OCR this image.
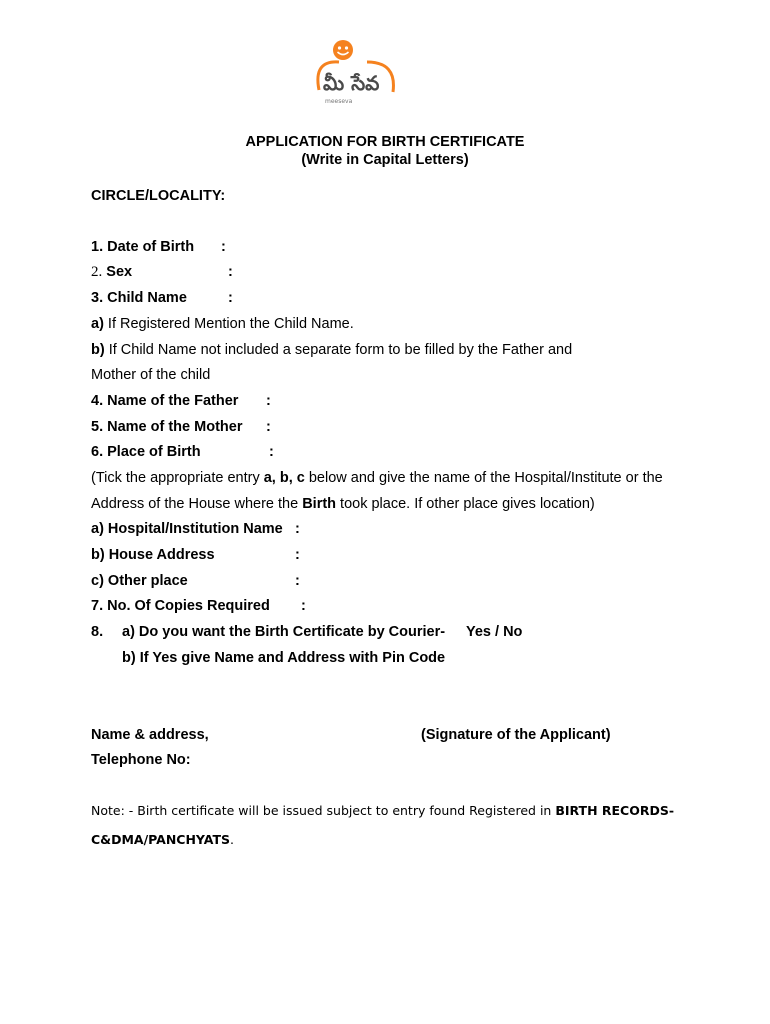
మీ సేవ
meeseva
APPLICATION FOR BIRTH CERTIFICATE
(Write in Capital Letters)
CIRCLE/LOCALITY:
1. Date of Birth :
2. Sex	:
3. Child Name	:
a) If Registered Mention the Child Name.
b) If Child Name not included a separate form to be filled by the Father and
Mother of the child
4. Name of the Father :
5. Name of the Mother :
6. Place of Birth	:
(Tick the appropriate entry a, b, c below and give the name of the Hospital/Institute or the
Address of the House where the Birth took place. If other place gives location)
a) Hospital/Institution Name :
b) House Address	:
c) Other place	:
7. No. Of Copies Required :
8. a) Do you want the Birth Certificate by Courier- Yes / No
b) If Yes give Name and Address with Pin Code
Name & address,	(Signature of the Applicant)
Telephone No:
Note: - Birth certificate will be issued subject to entry found Registered in BIRTH RECORDS-
C&DMA/PANCHYATS.
